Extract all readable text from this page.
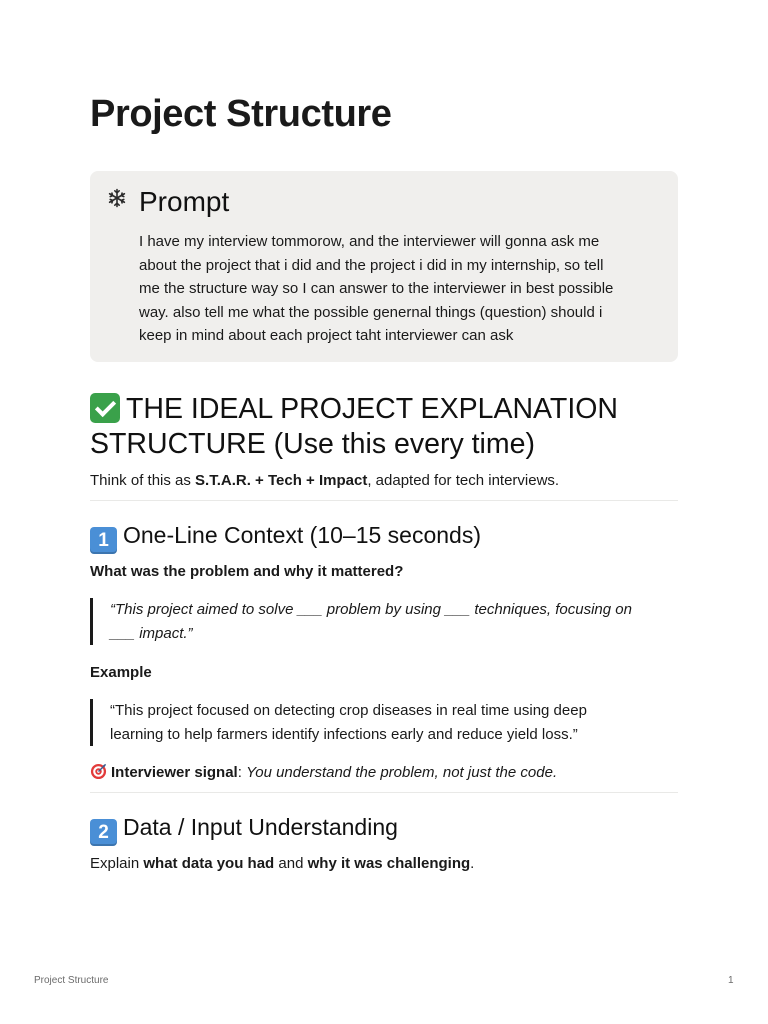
Project Structure
Prompt

I have my interview tommorow, and the interviewer will gonna ask me
about the project that i did and the project i did in my internship, so tell
me the structure way so I can answer to the interviewer in best possible
way. also tell me what the possible genernal things (question) should i
keep in mind about each project taht interviewer can ask

THE IDEAL PROJECT EXPLANATION
STRUCTURE (Use this every time)

Think of this as S.T.A.R. + Tech + Impact, adapted for tech interviews.

1 One-Line Context (10–15 seconds)

What was the problem and why it mattered?

“This project aimed to solve ___ problem by using ___ techniques, focusing on
___ impact.”

Example

“This project focused on detecting crop diseases in real time using deep
learning to help farmers identify infections early and reduce yield loss.”

Interviewer signal: You understand the problem, not just the code.

2 Data / Input Understanding

Explain what data you had and why it was challenging.

Project Structure	1
